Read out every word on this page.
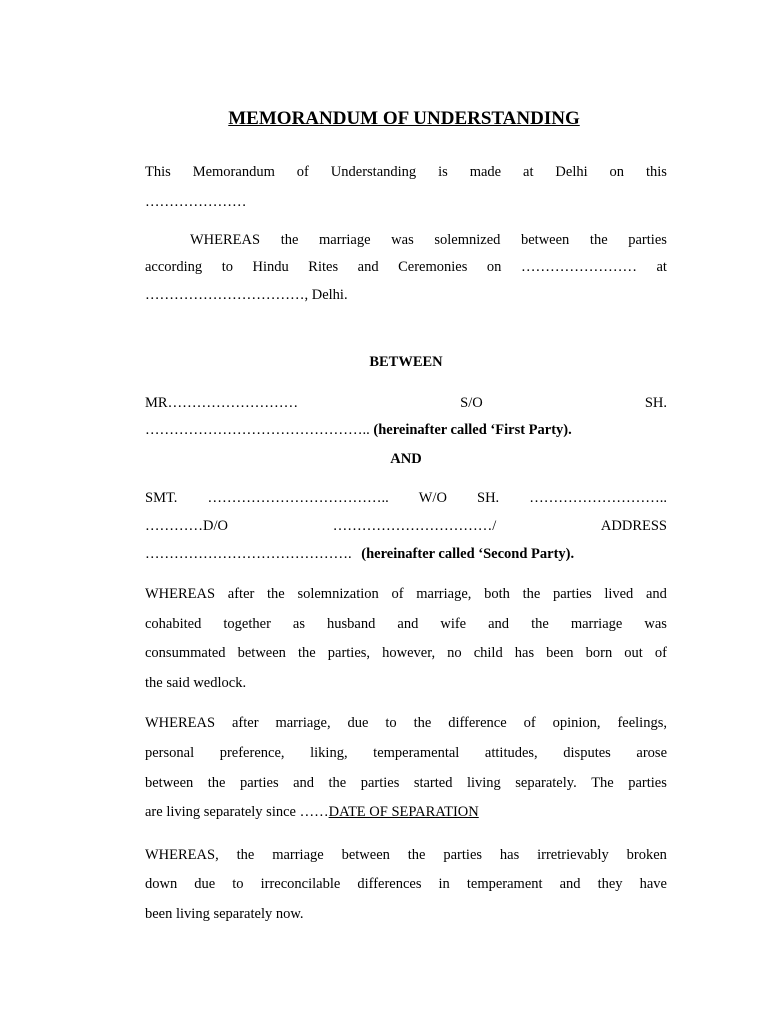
MEMORANDUM OF UNDERSTANDING
This Memorandum of Understanding is made at Delhi on this
…………………
WHEREAS the marriage was solemnized between the parties
according to Hindu Rites and Ceremonies on …………………… at
……………………………, Delhi.
BETWEEN
MR………………………	S/O	SH.
……………………………………….. (hereinafter called ‘First Party).
AND
SMT. ……………………………….. W/O SH. ………………………..
…………D/O	……………………………/	ADDRESS
……………………………………. (hereinafter called ‘Second Party).
WHEREAS after the solemnization of marriage, both the parties lived and
cohabited together as husband and wife and the marriage was
consummated between the parties, however, no child has been born out of
the said wedlock.
WHEREAS after marriage, due to the difference of opinion, feelings,
personal preference, liking, temperamental attitudes, disputes arose
between the parties and the parties started living separately. The parties
are living separately since ……DATE OF SEPARATION
WHEREAS, the marriage between the parties has irretrievably broken
down due to irreconcilable differences in temperament and they have
been living separately now.
